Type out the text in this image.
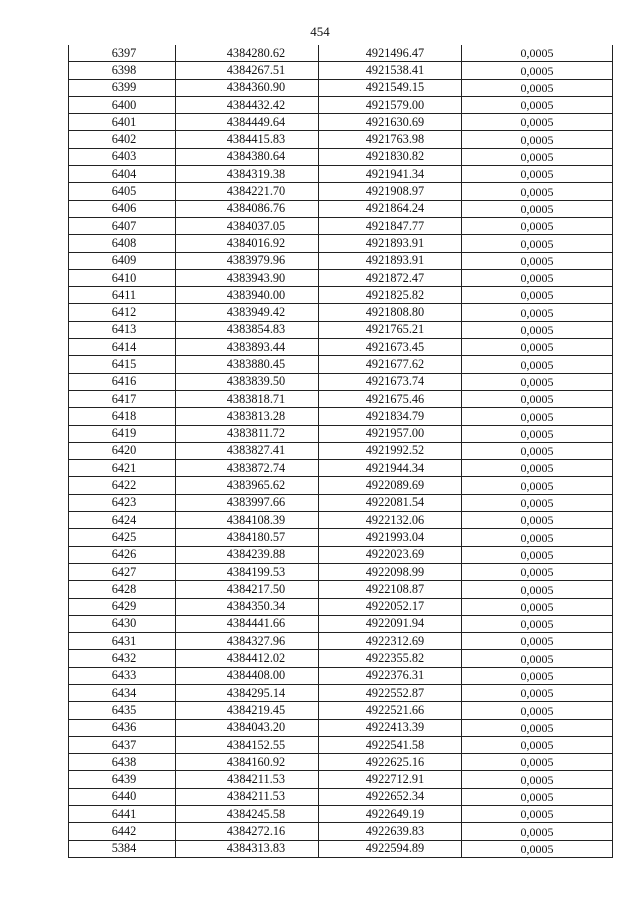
454
6397	4384280.62	4921496.47	0,0005
6398	4384267.51	4921538.41	0,0005
6399	4384360.90	4921549.15	0,0005
6400	4384432.42	4921579.00	0,0005
6401	4384449.64	4921630.69	0,0005
6402	4384415.83	4921763.98	0,0005
6403	4384380.64	4921830.82	0,0005
6404	4384319.38	4921941.34	0,0005
6405	4384221.70	4921908.97	0,0005
6406	4384086.76	4921864.24	0,0005
6407	4384037.05	4921847.77	0,0005
6408	4384016.92	4921893.91	0,0005
6409	4383979.96	4921893.91	0,0005
6410	4383943.90	4921872.47	0,0005
6411	4383940.00	4921825.82	0,0005
6412	4383949.42	4921808.80	0,0005
6413	4383854.83	4921765.21	0,0005
6414	4383893.44	4921673.45	0,0005
6415	4383880.45	4921677.62	0,0005
6416	4383839.50	4921673.74	0,0005
6417	4383818.71	4921675.46	0,0005
6418	4383813.28	4921834.79	0,0005
6419	4383811.72	4921957.00	0,0005
6420	4383827.41	4921992.52	0,0005
6421	4383872.74	4921944.34	0,0005
6422	4383965.62	4922089.69	0,0005
6423	4383997.66	4922081.54	0,0005
6424	4384108.39	4922132.06	0,0005
6425	4384180.57	4921993.04	0,0005
6426	4384239.88	4922023.69	0,0005
6427	4384199.53	4922098.99	0,0005
6428	4384217.50	4922108.87	0,0005
6429	4384350.34	4922052.17	0,0005
6430	4384441.66	4922091.94	0,0005
6431	4384327.96	4922312.69	0,0005
6432	4384412.02	4922355.82	0,0005
6433	4384408.00	4922376.31	0,0005
6434	4384295.14	4922552.87	0,0005
6435	4384219.45	4922521.66	0,0005
6436	4384043.20	4922413.39	0,0005
6437	4384152.55	4922541.58	0,0005
6438	4384160.92	4922625.16	0,0005
6439	4384211.53	4922712.91	0,0005
6440	4384211.53	4922652.34	0,0005
6441	4384245.58	4922649.19	0,0005
6442	4384272.16	4922639.83	0,0005
5384	4384313.83	4922594.89	0,0005
